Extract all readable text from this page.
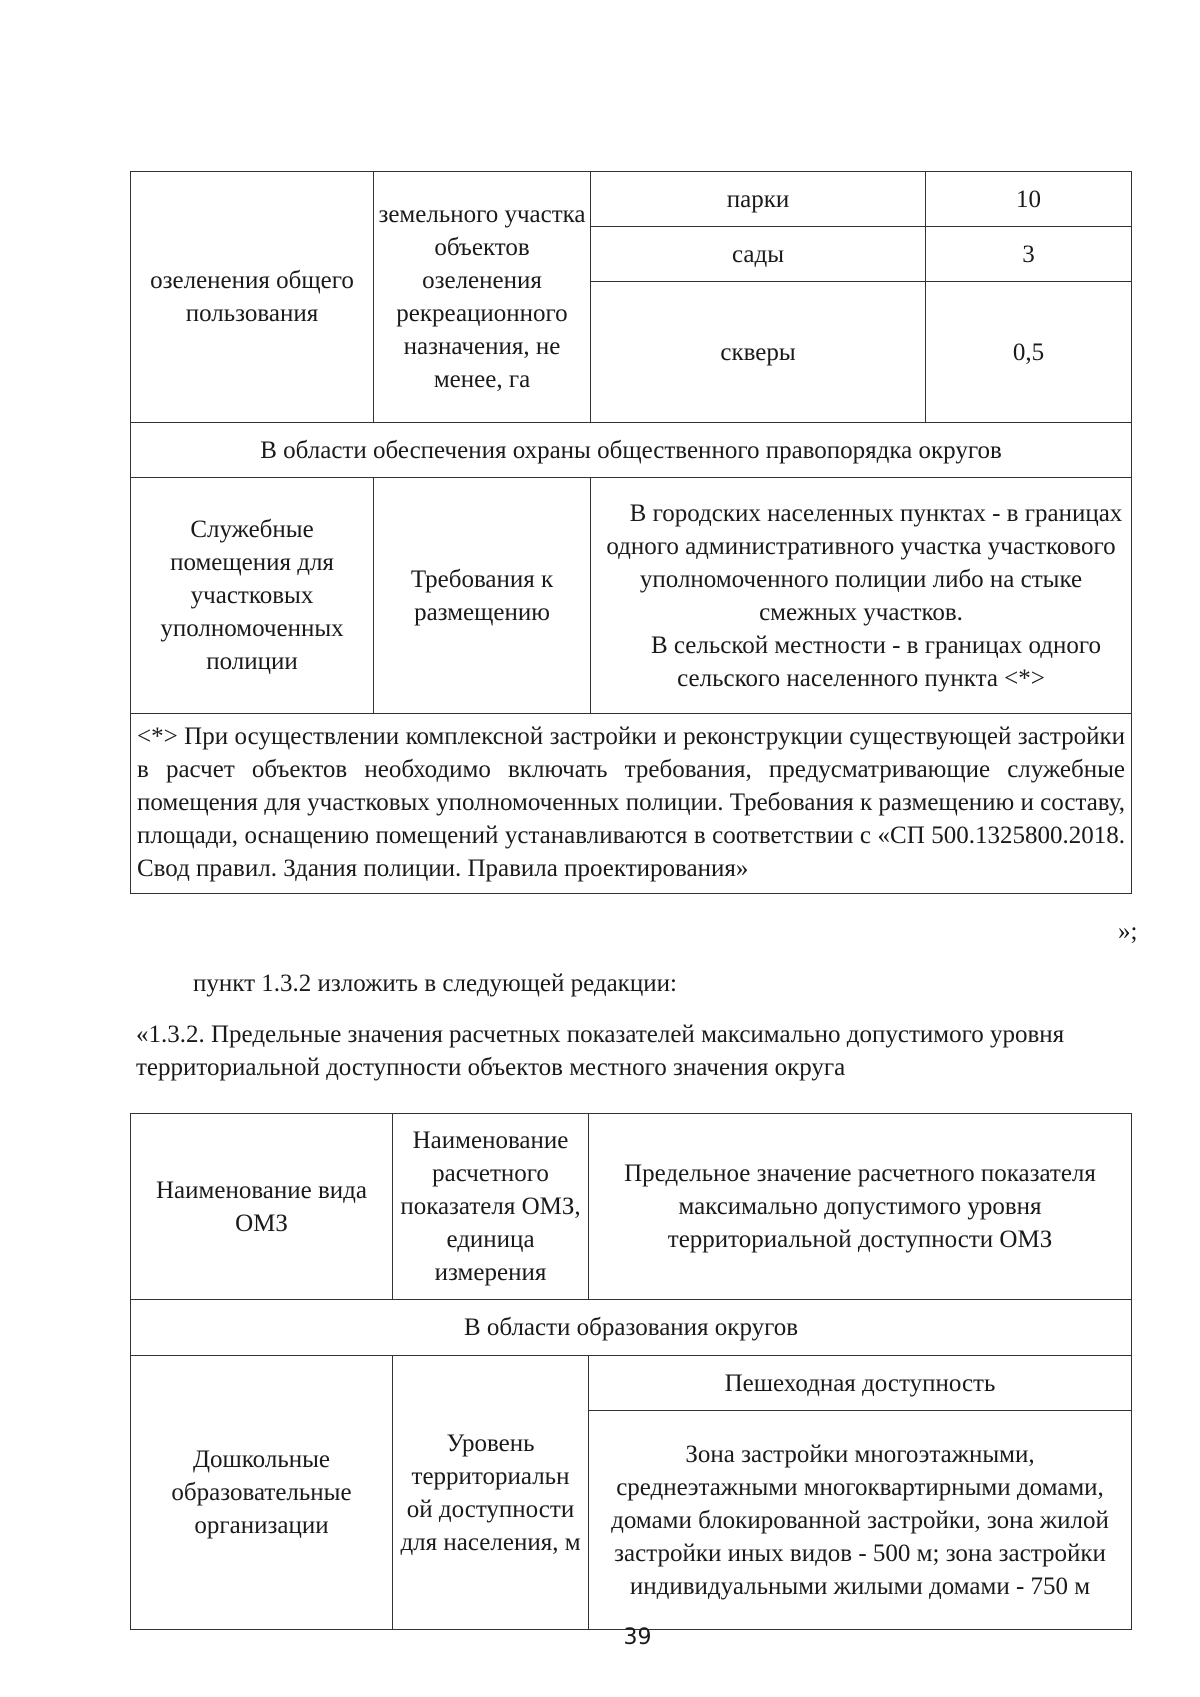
озеленения общего пользования	земельного участка объектов озеленения рекреационного назначения, не менее, га	парки	10
		сады	3
		скверы	0,5
В области обеспечения охраны общественного правопорядка округов			
Служебные помещения для участковых уполномоченных полиции	Требования к размещению	В городских населенных пунктах - в границах одного административного участка участкового уполномоченного полиции либо на стыке смежных участков.

В сельской местности - в границах одного сельского населенного пункта <*>	

<*> При осуществлении комплексной застройки и реконструкции существующей застройки в расчет объектов необходимо включать требования, предусматривающие служебные помещения для участковых уполномоченных полиции. Требования к размещению и составу, площади, оснащению помещений устанавливаются в соответствии с «СП 500.1325800.2018. Свод правил. Здания полиции. Правила проектирования»			
»;
пункт 1.3.2 изложить в следующей редакции:
«1.3.2. Предельные значения расчетных показателей максимально допустимого уровня территориальной доступности объектов местного значения округа
Наименование вида ОМЗ	Наименование расчетного показателя ОМЗ, единица измерения	Предельное значение расчетного показателя максимально допустимого уровня территориальной доступности ОМЗ
В области образования округов		
Дошкольные образовательные организации	Уровень территориальн ой доступности для населения, м	Пешеходная доступность
		Зона застройки многоэтажными, среднеэтажными многоквартирными домами, домами блокированной застройки, зона жилой застройки иных видов - 500 м; зона застройки индивидуальными жилыми домами - 750 м
39
